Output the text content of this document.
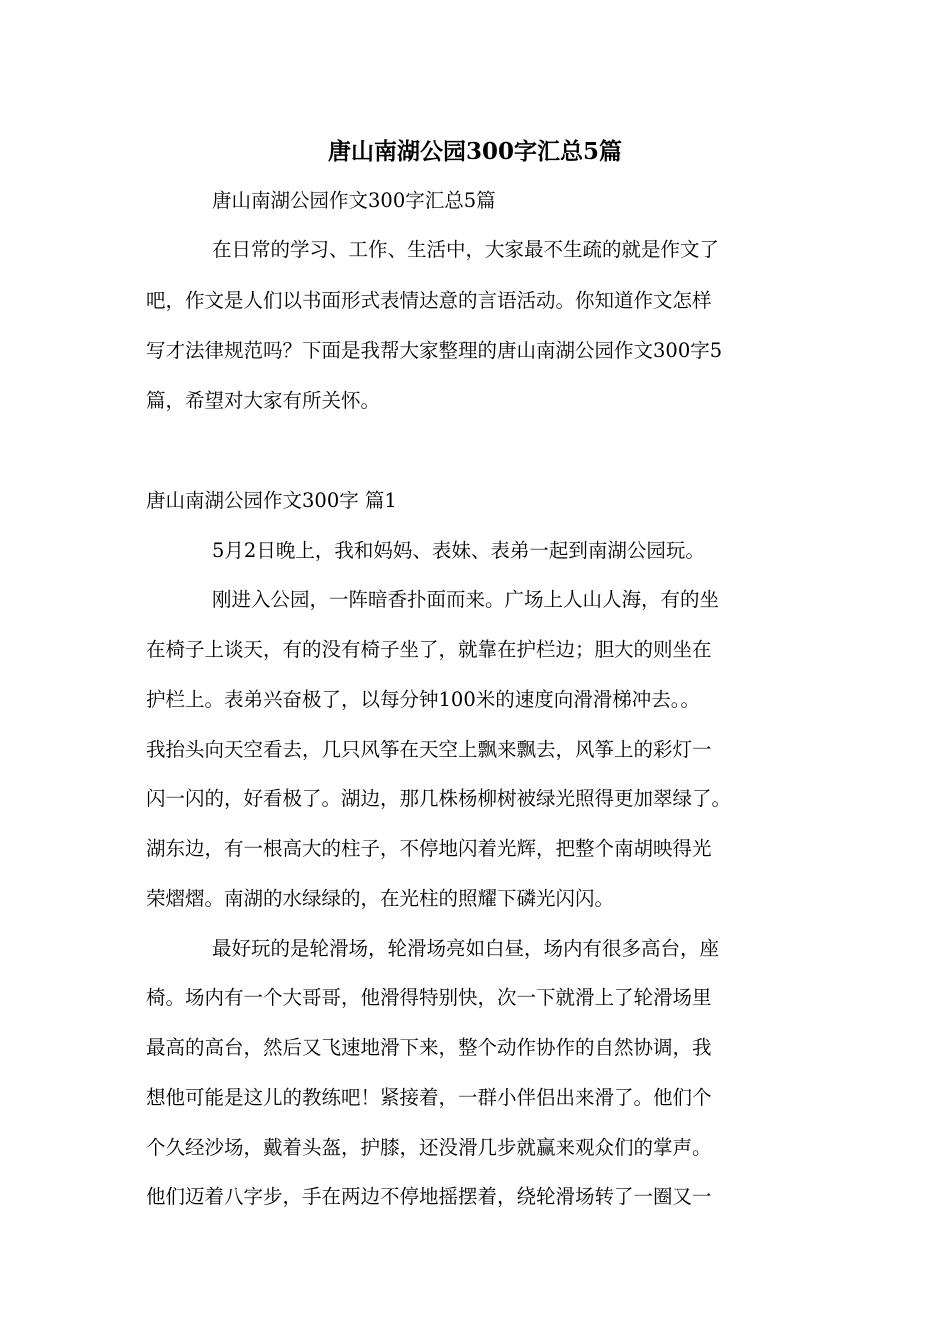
唐山南湖公园300字汇总5篇
唐山南湖公园作文300字汇总5篇
在日常的学习、工作、生活中，大家最不生疏的就是作文了
吧，作文是人们以书面形式表情达意的言语活动。你知道作文怎样
写才法律规范吗？下面是我帮大家整理的唐山南湖公园作文300字5
篇，希望对大家有所关怀。
唐山南湖公园作文300字 篇1
5月2日晚上，我和妈妈、表妹、表弟一起到南湖公园玩。
刚进入公园，一阵暗香扑面而来。广场上人山人海，有的坐
在椅子上谈天，有的没有椅子坐了，就靠在护栏边；胆大的则坐在
护栏上。表弟兴奋极了，以每分钟100米的速度向滑滑梯冲去。。
我抬头向天空看去，几只风筝在天空上飘来飘去，风筝上的彩灯一
闪一闪的，好看极了。湖边，那几株杨柳树被绿光照得更加翠绿了。
湖东边，有一根高大的柱子，不停地闪着光辉，把整个南胡映得光
荣熠熠。南湖的水绿绿的，在光柱的照耀下磷光闪闪。
最好玩的是轮滑场，轮滑场亮如白昼，场内有很多高台，座
椅。场内有一个大哥哥，他滑得特别快，次一下就滑上了轮滑场里
最高的高台，然后又飞速地滑下来，整个动作协作的自然协调，我
想他可能是这儿的教练吧！紧接着，一群小伴侣出来滑了。他们个
个久经沙场，戴着头盔，护膝，还没滑几步就赢来观众们的掌声。
他们迈着八字步，手在两边不停地摇摆着，绕轮滑场转了一圈又一
